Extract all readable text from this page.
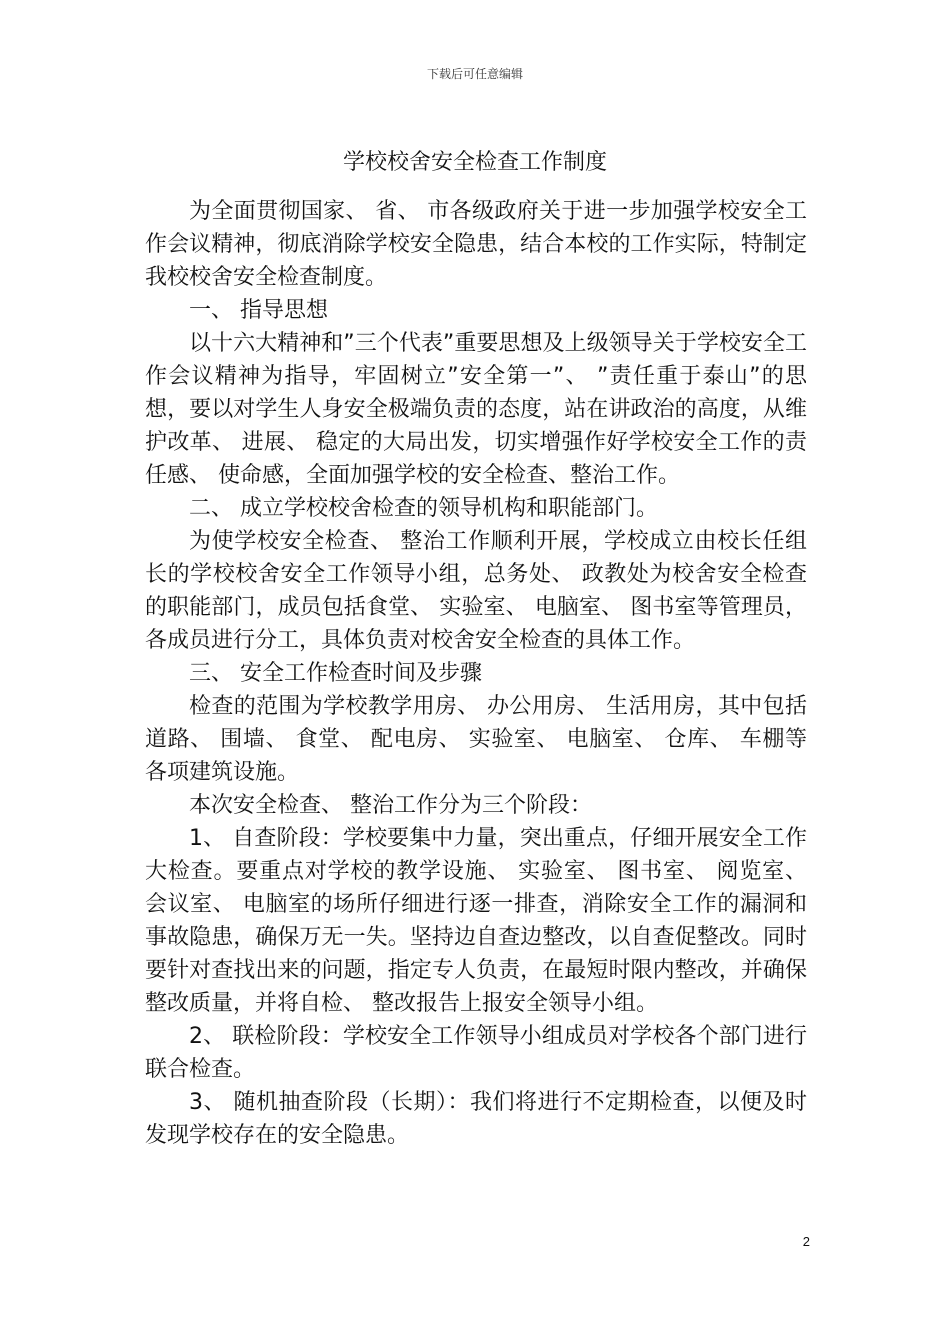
下载后可任意编辑
学校校舍安全检查工作制度

为全面贯彻国家、 省、 市各级政府关于进一步加强学校安全工作会议精神，彻底消除学校安全隐患，结合本校的工作实际，特制定我校校舍安全检查制度。

一、 指导思想

以十六大精神和”三个代表”重要思想及上级领导关于学校安全工作会议精神为指导，牢固树立”安全第一”、 ”责任重于泰山”的思想，要以对学生人身安全极端负责的态度，站在讲政治的高度，从维护改革、 进展、 稳定的大局出发，切实增强作好学校安全工作的责任感、 使命感，全面加强学校的安全检查、整治工作。

二、 成立学校校舍检查的领导机构和职能部门。

为使学校安全检查、 整治工作顺利开展，学校成立由校长任组长的学校校舍安全工作领导小组，总务处、 政教处为校舍安全检查的职能部门，成员包括食堂、 实验室、 电脑室、 图书室等管理员，各成员进行分工，具体负责对校舍安全检查的具体工作。

三、 安全工作检查时间及步骤

检查的范围为学校教学用房、 办公用房、 生活用房，其中包括道路、 围墙、 食堂、 配电房、 实验室、 电脑室、 仓库、 车棚等各项建筑设施。

本次安全检查、 整治工作分为三个阶段：

1、 自查阶段：学校要集中力量，突出重点，仔细开展安全工作大检查。要重点对学校的教学设施、 实验室、 图书室、 阅览室、 会议室、 电脑室的场所仔细进行逐一排查，消除安全工作的漏洞和事故隐患，确保万无一失。坚持边自查边整改，以自查促整改。同时要针对查找出来的问题，指定专人负责，在最短时限内整改，并确保整改质量，并将自检、 整改报告上报安全领导小组。

2、 联检阶段：学校安全工作领导小组成员对学校各个部门进行联合检查。

3、 随机抽查阶段（长期）：我们将进行不定期检查，以便及时发现学校存在的安全隐患。

2
